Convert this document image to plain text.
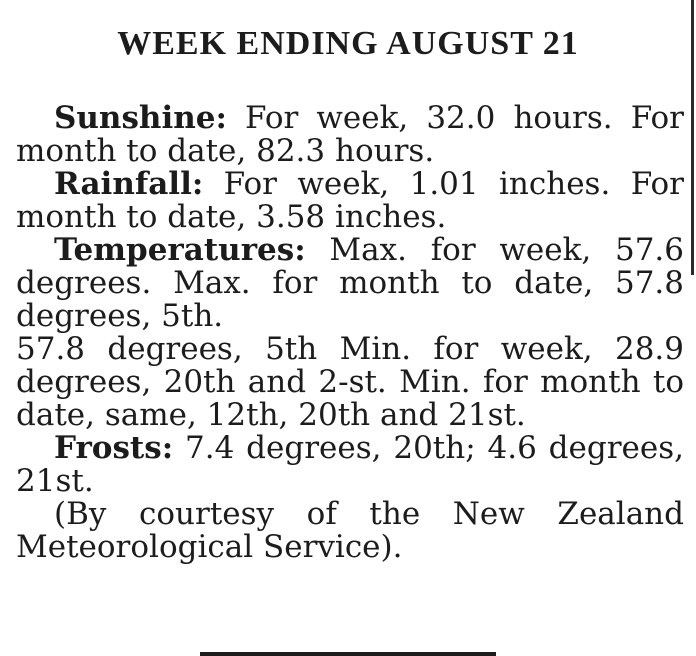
WEEK ENDING AUGUST 21

Sunshine: For week, 32.0 hours. For month to date, 82.3 hours.

Rainfall: For week, 1.01 inches. For month to date, 3.58 inches.

Temperatures: Max. for week, 57.6 degrees. Max. for month to date, 57.8 degrees, 5th.

57.8 degrees, 5th Min. for week, 28.9 degrees, 20th and 2-st. Min. for month to date, same, 12th, 20th and 21st.

Frosts: 7.4 degrees, 20th; 4.6 degrees, 21st.

(By courtesy of the New Zealand Meteorological Service).
